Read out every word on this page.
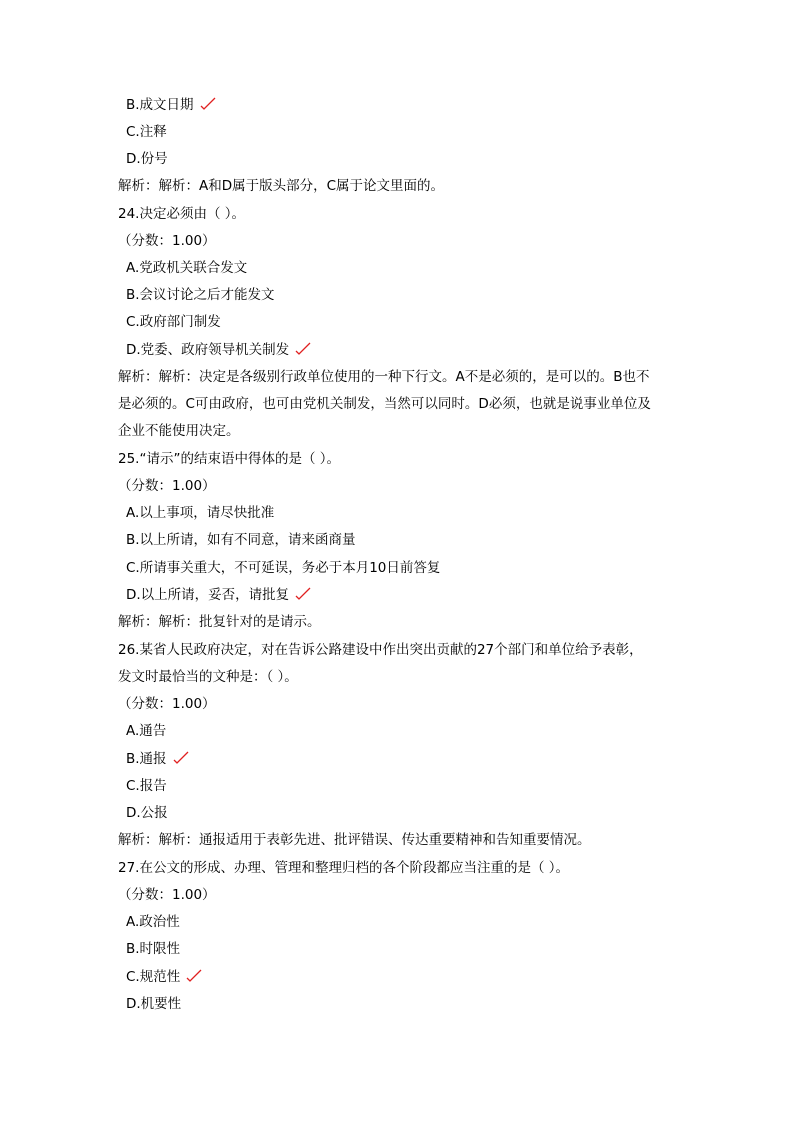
B.成文日期
C.注释
D.份号
解析：解析：A和D属于版头部分，C属于论文里面的。
24.决定必须由（ ）。
（分数：1.00）
A.党政机关联合发文
B.会议讨论之后才能发文
C.政府部门制发
D.党委、政府领导机关制发
解析：解析：决定是各级别行政单位使用的一种下行文。A不是必须的，是可以的。B也不
是必须的。C可由政府，也可由党机关制发，当然可以同时。D必须，也就是说事业单位及
企业不能使用决定。
25.“请示”的结束语中得体的是（ ）。
（分数：1.00）
A.以上事项，请尽快批准
B.以上所请，如有不同意，请来函商量
C.所请事关重大，不可延误，务必于本月10日前答复
D.以上所请，妥否，请批复
解析：解析：批复针对的是请示。
26.某省人民政府决定，对在告诉公路建设中作出突出贡献的27个部门和单位给予表彰，
发文时最恰当的文种是：（ ）。
（分数：1.00）
A.通告
B.通报
C.报告
D.公报
解析：解析：通报适用于表彰先进、批评错误、传达重要精神和告知重要情况。
27.在公文的形成、办理、管理和整理归档的各个阶段都应当注重的是（ ）。
（分数：1.00）
A.政治性
B.时限性
C.规范性
D.机要性
